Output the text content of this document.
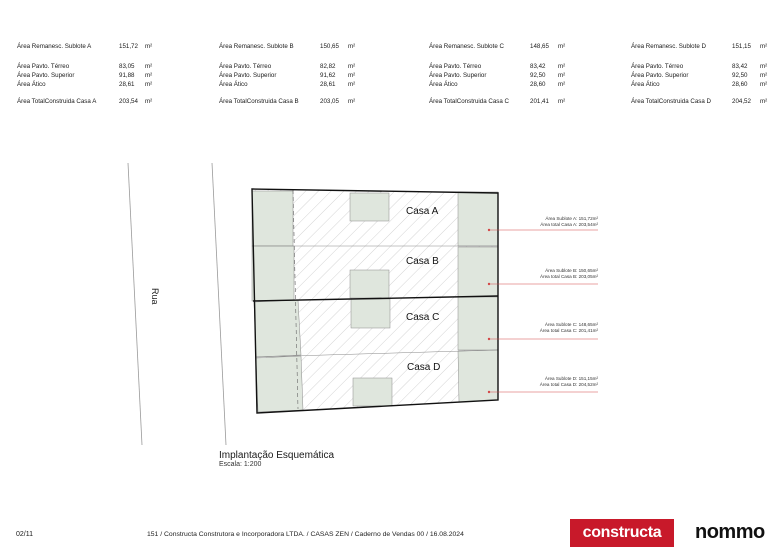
Área Remanesc. Sublote A	151,72 m²
Área Pavto. Térreo	83,05 m²
Área Pavto. Superior	91,88 m²
Área Ático	28,61 m²
Área TotalConstruida Casa A	203,54 m²
Área Remanesc. Sublote B	150,65 m²
Área Pavto. Térreo	82,82 m²
Área Pavto. Superior	91,62 m²
Área Ático	28,61 m²
Área TotalConstruida Casa B	203,05 m²
Área Remanesc. Sublote C	148,65 m²
Área Pavto. Térreo	83,42 m²
Área Pavto. Superior	92,50 m²
Área Ático	28,60 m²
Área TotalConstruida Casa C	201,41 m²
Área Remanesc. Sublote D	151,15 m²
Área Pavto. Térreo	83,42 m²
Área Pavto. Superior	92,50 m²
Área Ático	28,60 m²
Área TotalConstruida Casa D	204,52 m²
Casa A
Casa B
Casa C
Casa D
Área Sublote A: 151,72m²
Área total Casa A: 203,54m²
Área Sublote B: 150,65m²
Área total Casa B: 203,05m²
Área Sublote C: 148,65m²
Área total Casa C: 201,41m²
Área Sublote D: 151,15m²
Área total Casa D: 204,52m²
Rua
Implantação Esquemática
Escala: 1:200
02/11	151 / Constructa Construtora e Incorporadora LTDA. / CASAS ZEN / Caderno de Vendas 00 / 16.08.2024	constructa	nommo
